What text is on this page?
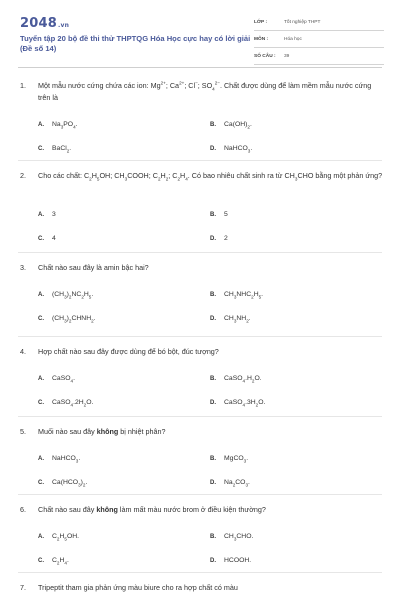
2048.vn
Tuyển tập 20 bộ đề thi thử THPTQG Hóa Học cực hay có lời giải (Đề số 14)
LỚP :	Tốt nghiệp THPT
MÔN :	Hóa học
SỐ CÂU :	39
1.	Một mẫu nước cứng chứa các ion: $Mg^{2+}$; $Ca^{2+}$; Cl−; $SO_4^{2-}$. Chất được dùng để làm mềm mẫu nước cứng trên là
A. $Na_3PO_4$.	B. $Ca(OH)_2$.
C. BaCl$_2$.	D. NaHCO$_3$.
2.	Cho các chất: $C_2H_5OH$; $CH_3COOH$; $C_2H_2$; $C_2H_4$. Có bao nhiêu chất sinh ra từ $CH_3CHO$ bằng một phản ứng?
A. 3	B. 5
C. 4	D. 2
3.	Chất nào sau đây là amin bậc hai?
A. $(CH_3)_2NC_2H_5$.	B. $CH_3NHC_2H_5$.
C. $(CH_3)_2CHNH_2$.	D. $CH_3NH_2$.
4.	Hợp chất nào sau đây được dùng để bó bột, đúc tượng?
A. CaSO$_4$.	B. $CaSO_4.H_2O$.
C. $CaSO_4.2H_2O$.	D. $CaSO_4.3H_2O$.
5.	Muối nào sau đây không bị nhiệt phân?
A. NaHCO$_3$.	B. MgCO$_3$.
C. $Ca(HCO_3)_2$.	D. $Na_2CO_3$.
6.	Chất nào sau đây không làm mất màu nước brom ở điều kiện thường?
A. $C_2H_5OH$.	B. $CH_3CHO$.
C. $C_2H_4$.	D. HCOOH.
7.	Tripeptit tham gia phản ứng màu biure cho ra hợp chất có màu
